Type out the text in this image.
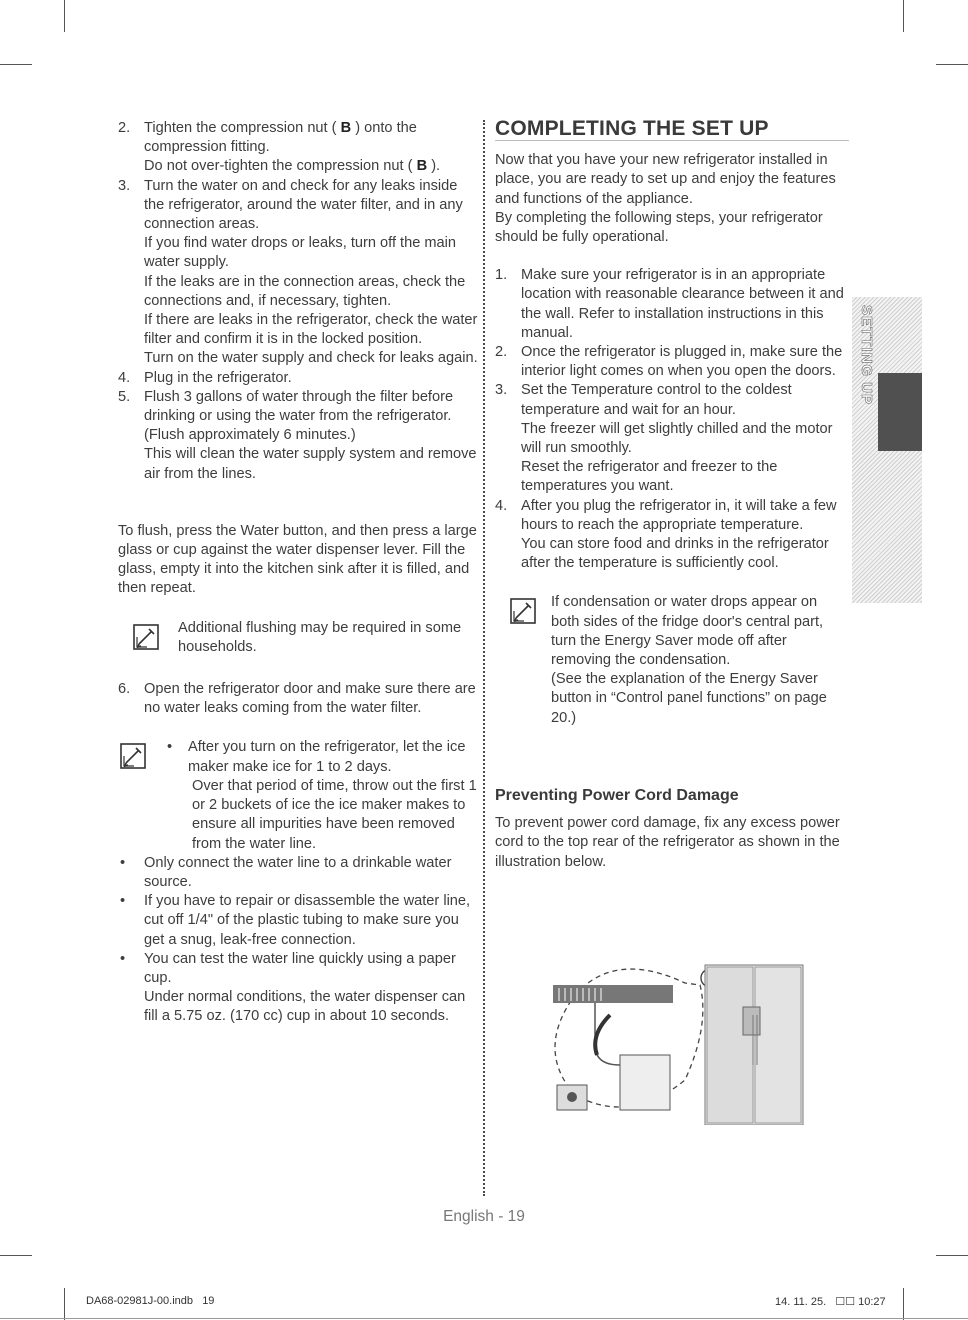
2. Tighten the compression nut ( B ) onto the compression fitting.

Do not over-tighten the compression nut ( B ).

3. Turn the water on and check for any leaks inside the refrigerator, around the water filter, and in any connection areas.

If you find water drops or leaks, turn off the main water supply.

If the leaks are in the connection areas, check the connections and, if necessary, tighten.

If there are leaks in the refrigerator, check the water filter and confirm it is in the locked position.

Turn on the water supply and check for leaks again.

4. Plug in the refrigerator.

5. Flush 3 gallons of water through the filter before drinking or using the water from the refrigerator. (Flush approximately 6 minutes.)

This will clean the water supply system and remove air from the lines.

To flush, press the Water button, and then press a large glass or cup against the water dispenser lever. Fill the glass, empty it into the kitchen sink after it is filled, and then repeat.

Additional flushing may be required in some households.

6. Open the refrigerator door and make sure there are no water leaks coming from the water filter.

• After you turn on the refrigerator, let the ice maker make ice for 1 to 2 days.

Over that period of time, throw out the first 1 or 2 buckets of ice the ice maker makes to ensure all impurities have been removed from the water line.

• Only connect the water line to a drinkable water source.

• If you have to repair or disassemble the water line, cut off 1/4" of the plastic tubing to make sure you get a snug, leak-free connection.

• You can test the water line quickly using a paper cup.

Under normal conditions, the water dispenser can fill a 5.75 oz. (170 cc) cup in about 10 seconds.

COMPLETING THE SET UP

Now that you have your new refrigerator installed in place, you are ready to set up and enjoy the features and functions of the appliance.

By completing the following steps, your refrigerator should be fully operational.

1. Make sure your refrigerator is in an appropriate location with reasonable clearance between it and the wall. Refer to installation instructions in this manual.

2. Once the refrigerator is plugged in, make sure the interior light comes on when you open the doors.

3. Set the Temperature control to the coldest temperature and wait for an hour.

The freezer will get slightly chilled and the motor will run smoothly.

Reset the refrigerator and freezer to the temperatures you want.

4. After you plug the refrigerator in, it will take a few hours to reach the appropriate temperature.

You can store food and drinks in the refrigerator after the temperature is sufficiently cool.

If condensation or water drops appear on both sides of the fridge door's central part, turn the Energy Saver mode off after removing the condensation.

(See the explanation of the Energy Saver button in “Control panel functions” on page 20.)

Preventing Power Cord Damage

To prevent power cord damage, fix any excess power cord to the top rear of the refrigerator as shown in the illustration below.

SETTING UP
English - 19
DA68-02981J-00.indb   19	14. 11. 25.   ☐☐ 10:27
